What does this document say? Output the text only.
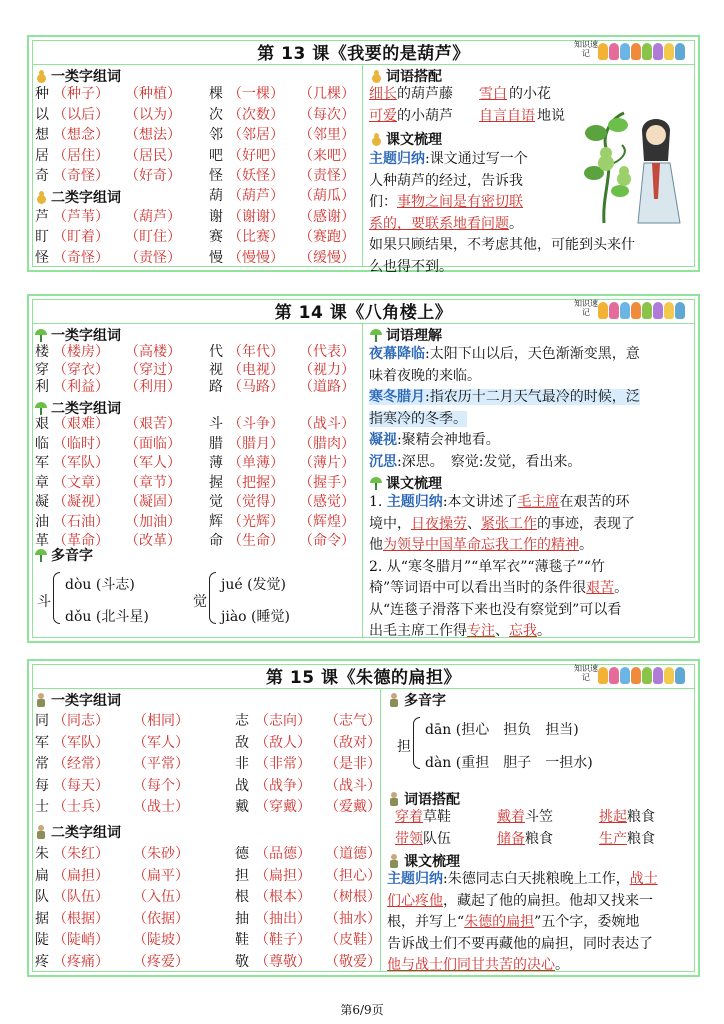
第 13 课《我要的是葫芦》	知识速记
一类字组词
种 （种子） （种植） 棵 （一棵） （几棵）
以 （以后） （以为） 次 （次数） （每次）
想 （想念） （想法） 邻 （邻居） （邻里）
居 （居住） （居民） 吧 （好吧） （来吧）
奇 （奇怪） （好奇） 怪 （妖怪） （责怪）
二类字组词	葫 （葫芦） （葫瓜）
芦 （芦苇） （葫芦） 谢 （谢谢） （感谢）
盯 （盯着） （盯住） 赛 （比赛） （赛跑）
怪 （奇怪） （责怪） 慢 （慢慢） （缓慢）
词语搭配
细长 的葫芦藤 雪白 的小花
可爱 的小葫芦 自言自语 地说
课文梳理
主题归纳:课文通过写一个
人种葫芦的经过，告诉我
们：事物之间是有密切联
系的，要联系地看问题。
如果只顾结果，不考虑其他，可能到头来什
么也得不到。
第 14 课《八角楼上》	知识速记
一类字组词
楼 （楼房） （高楼） 代 （年代） （代表）
穿 （穿衣） （穿过） 视 （电视） （视力）
利 （利益） （利用） 路 （马路） （道路）
二类字组词
艰 （艰难） （艰苦） 斗 （斗争） （战斗）
临 （临时） （面临） 腊 （腊月） （腊肉）
军 （军队） （军人） 薄 （单薄） （薄片）
章 （文章） （章节） 握 （把握） （握手）
凝 （凝视） （凝固） 觉 （觉得） （感觉）
油 （石油） （加油） 辉 （光辉） （辉煌）
革 （革命） （改革） 命 （生命） （命令）
多音字
斗
dòu (斗志)
dǒu (北斗星)
觉
jué (发觉)
jiào (睡觉)
词语理解
夜幕降临:太阳下山以后，天色渐渐变黑，意
味着夜晚的来临。
寒冬腊月:指农历十二月天气最冷的时候，泛
指寒冷的冬季。
凝视:聚精会神地看。
沉思:深思。　 察觉:发觉，看出来。
课文梳理
1. 主题归纳:本文讲述了毛主席在艰苦的环
境中，日夜操劳、紧张工作的事迹，表现了
他为领导中国革命忘我工作的精神。
2. 从“寒冬腊月”“单军衣”“薄毯子”“竹
椅”等词语中可以看出当时的条件很艰苦。
从“连毯子滑落下来也没有察觉到”可以看
出毛主席工作得专注、忘我。
第 15 课《朱德的扁担》	知识速记
一类字组词
同 （同志） （相同）	志 （志向） （志气）
军 （军队） （军人）	敌 （敌人） （敌对）
常 （经常） （平常）	非 （非常） （是非）
每 （每天） （每个）	战 （战争） （战斗）
士 （士兵） （战士）	戴 （穿戴） （爱戴）
二类字组词
朱 （朱红） （朱砂）	德 （品德） （道德）
扁 （扁担） （扁平）	担 （扁担） （担心）
队 （队伍） （入伍）	根 （根本） （树根）
据 （根据） （依据）	抽 （抽出） （抽水）
陡 （陡峭） （陡坡）	鞋 （鞋子） （皮鞋）
疼 （疼痛） （疼爱）	敬 （尊敬） （敬爱）
多音字
担
dān (担心　担负　担当)
dàn (重担　胆子　一担水)
词语搭配
穿着 草鞋	戴着 斗笠	挑起 粮食
带领 队伍	储备 粮食	生产 粮食
课文梳理
主题归纳:朱德同志白天挑粮晚上工作，战士
们心疼他，藏起了他的扁担。他却又找来一
根，并写上“朱德的扁担”五个字，委婉地
告诉战士们不要再藏他的扁担，同时表达了
他与战士们同甘共苦的决心。
第6/9页
